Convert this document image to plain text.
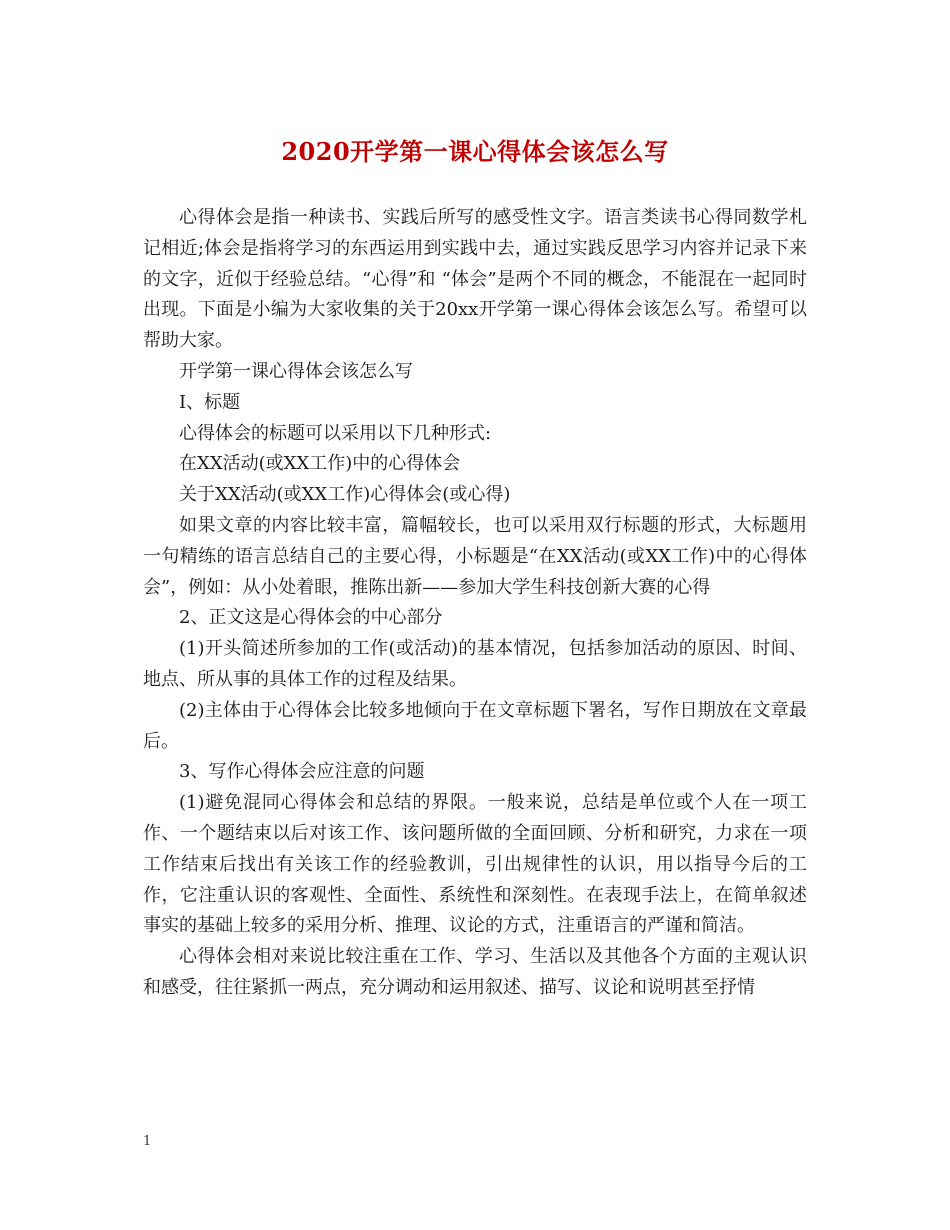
2020开学第一课心得体会该怎么写

心得体会是指一种读书、实践后所写的感受性文字。语言类读书心得同数学札记相近;体会是指将学习的东西运用到实践中去，通过实践反思学习内容并记录下来的文字，近似于经验总结。“心得”和 “体会”是两个不同的概念，不能混在一起同时出现。下面是小编为大家收集的关于20xx开学第一课心得体会该怎么写。希望可以帮助大家。

开学第一课心得体会该怎么写

I、标题

心得体会的标题可以采用以下几种形式:

在XX活动(或XX工作)中的心得体会

关于XX活动(或XX工作)心得体会(或心得)

如果文章的内容比较丰富，篇幅较长，也可以采用双行标题的形式，大标题用一句精练的语言总结自己的主要心得，小标题是“在XX活动(或XX工作)中的心得体会”，例如：从小处着眼，推陈出新——参加大学生科技创新大赛的心得

2、正文这是心得体会的中心部分

(1)开头简述所参加的工作(或活动)的基本情况，包括参加活动的原因、时间、地点、所从事的具体工作的过程及结果。

(2)主体由于心得体会比较多地倾向于在文章标题下署名，写作日期放在文章最后。

3、写作心得体会应注意的问题

(1)避免混同心得体会和总结的界限。一般来说，总结是单位或个人在一项工作、一个题结束以后对该工作、该问题所做的全面回顾、分析和研究，力求在一项工作结束后找出有关该工作的经验教训，引出规律性的认识，用以指导今后的工作，它注重认识的客观性、全面性、系统性和深刻性。在表现手法上，在简单叙述事实的基础上较多的采用分析、推理、议论的方式，注重语言的严谨和简洁。

心得体会相对来说比较注重在工作、学习、生活以及其他各个方面的主观认识和感受，往往紧抓一两点，充分调动和运用叙述、描写、议论和说明甚至抒情

1
